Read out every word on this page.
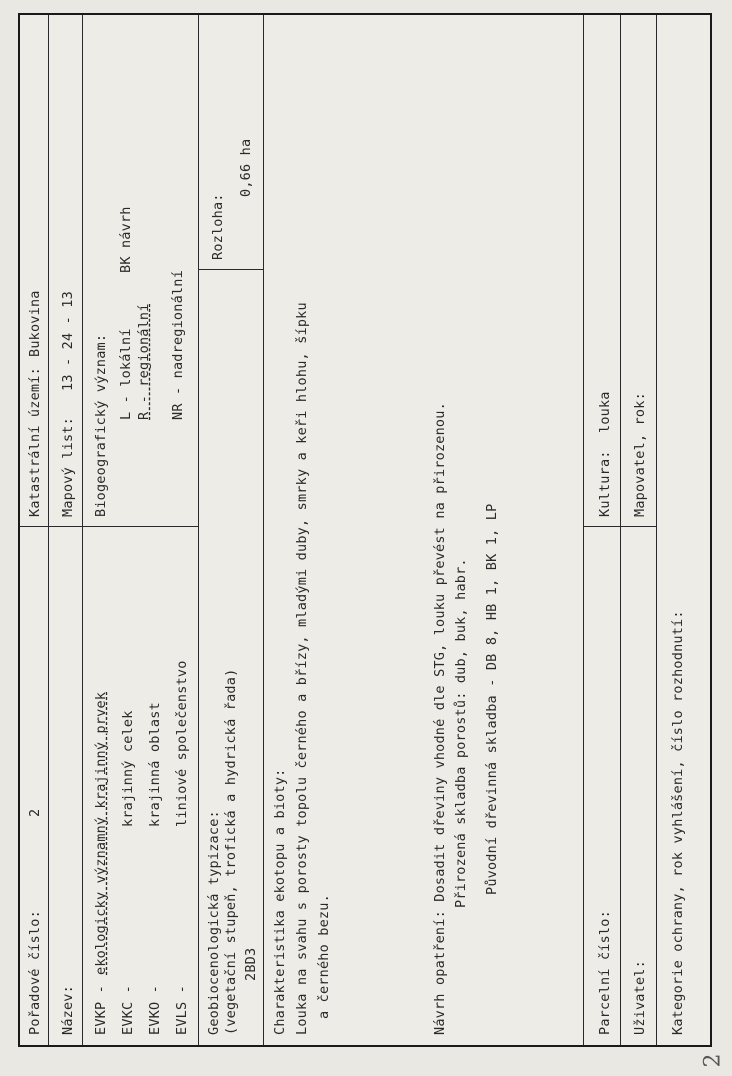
Pořadové číslo:
2
Katastrální území:
Bukovina
Název:
Mapový list:
13 - 24 - 13
EVKP -
ekologicky významný krajinný prvek
EVKC -
krajinný celek
EVKO -
krajinná oblast
EVLS -
liniové společenstvo
Biogeografický význam: L - lokální
BK návrh
R - regionální NR - nadregionální
Geobiocenologická typizace: (vegetační stupeň, trofická a hydrická řada) 2BD3
Rozloha:
0,66 ha
Charakteristika ekotopu a bioty: Louka na svahu s porosty topolu černého a břízy, mladými duby, smrky a keři hlohu, šípku a černého bezu.	Návrh opatření: Dosadit dřeviny vhodné dle STG, louku převést na přirozenou. Přirozená skladba porostů: dub, buk, habr. Původní dřevinná skladba - DB 8, HB 1, BK 1, LP
Parcelní číslo:
Kultura:
louka
Uživatel:
Mapovatel, rok:
Kategorie ochrany, rok vyhlášení, číslo rozhodnutí:
2
